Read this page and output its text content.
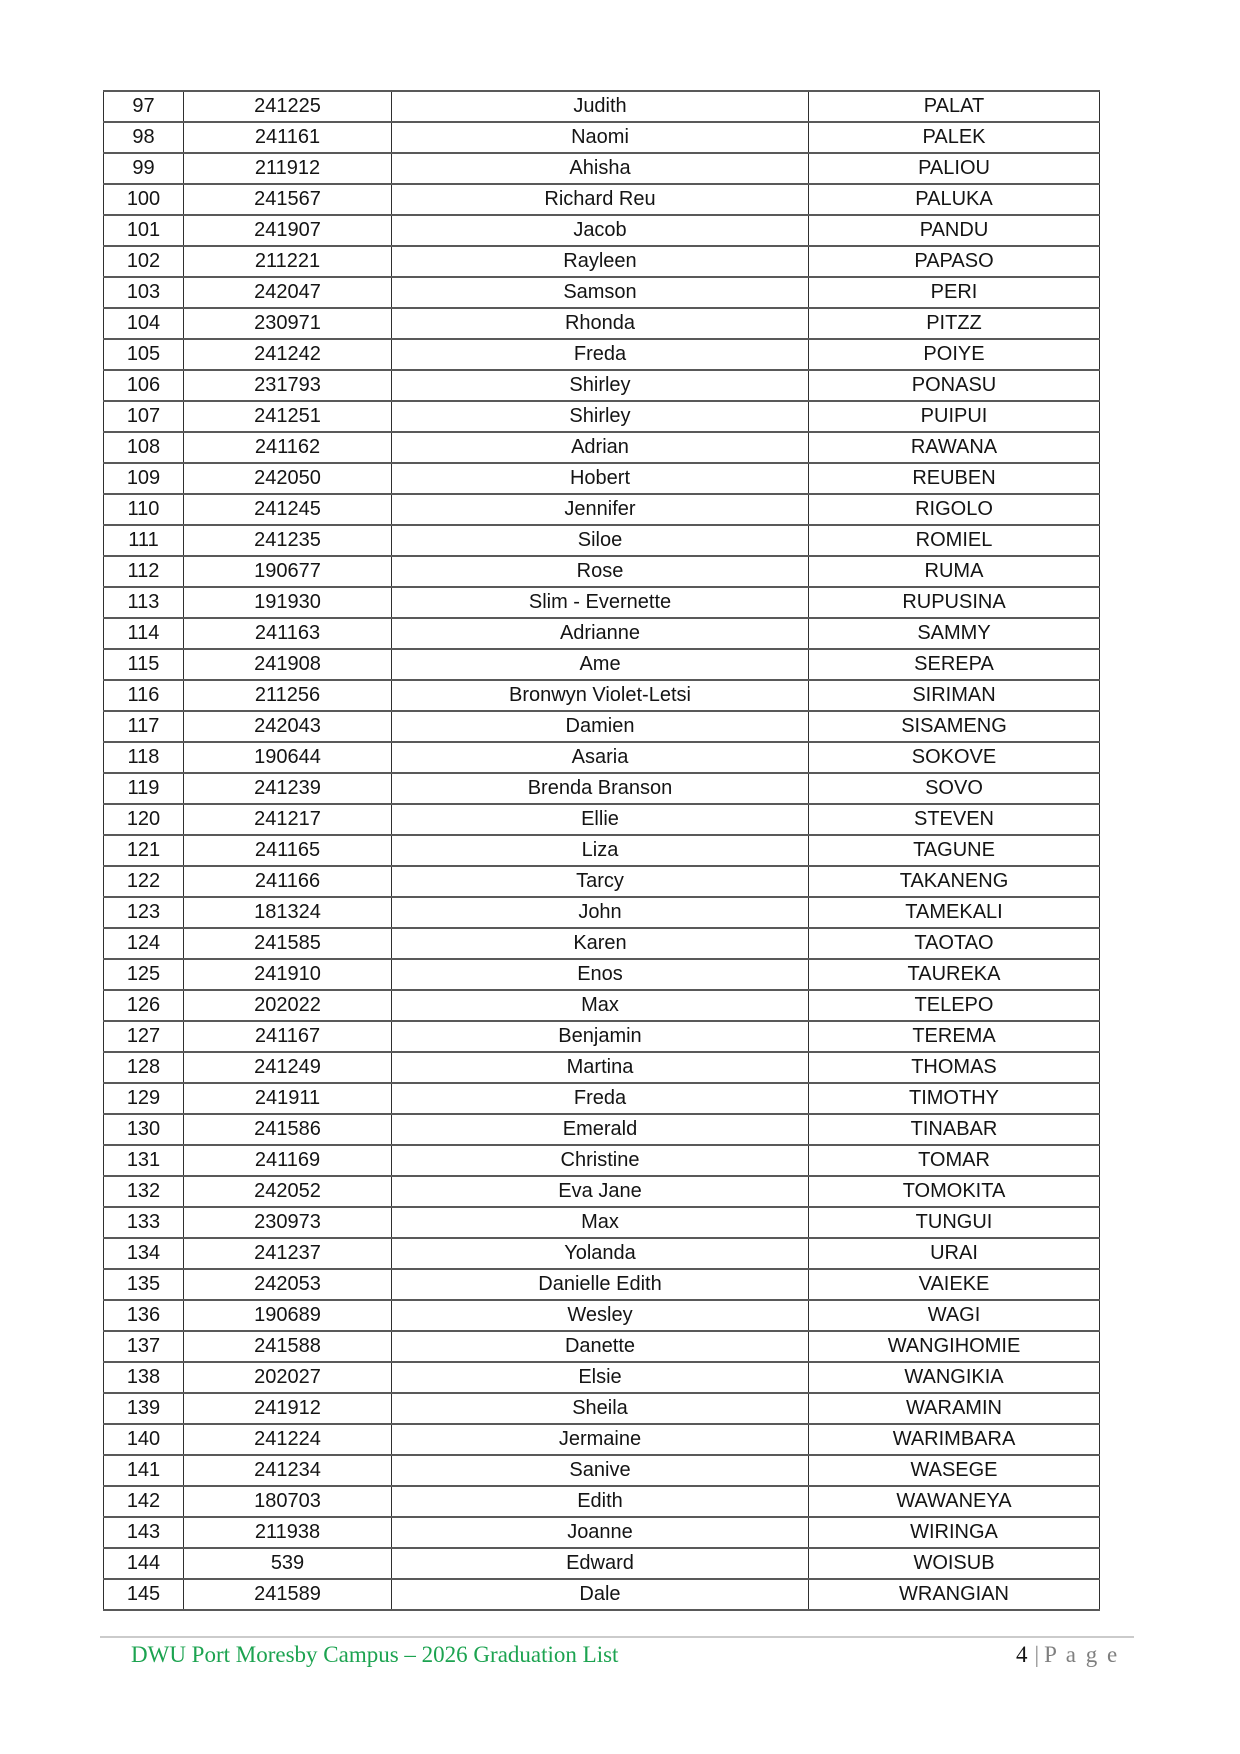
97	241225	Judith	PALAT
98	241161	Naomi	PALEK
99	211912	Ahisha	PALIOU
100	241567	Richard Reu	PALUKA
101	241907	Jacob	PANDU
102	211221	Rayleen	PAPASO
103	242047	Samson	PERI
104	230971	Rhonda	PITZZ
105	241242	Freda	POIYE
106	231793	Shirley	PONASU
107	241251	Shirley	PUIPUI
108	241162	Adrian	RAWANA
109	242050	Hobert	REUBEN
110	241245	Jennifer	RIGOLO
111	241235	Siloe	ROMIEL
112	190677	Rose	RUMA
113	191930	Slim - Evernette	RUPUSINA
114	241163	Adrianne	SAMMY
115	241908	Ame	SEREPA
116	211256	Bronwyn Violet-Letsi	SIRIMAN
117	242043	Damien	SISAMENG
118	190644	Asaria	SOKOVE
119	241239	Brenda Branson	SOVO
120	241217	Ellie	STEVEN
121	241165	Liza	TAGUNE
122	241166	Tarcy	TAKANENG
123	181324	John	TAMEKALI
124	241585	Karen	TAOTAO
125	241910	Enos	TAUREKA
126	202022	Max	TELEPO
127	241167	Benjamin	TEREMA
128	241249	Martina	THOMAS
129	241911	Freda	TIMOTHY
130	241586	Emerald	TINABAR
131	241169	Christine	TOMAR
132	242052	Eva Jane	TOMOKITA
133	230973	Max	TUNGUI
134	241237	Yolanda	URAI
135	242053	Danielle Edith	VAIEKE
136	190689	Wesley	WAGI
137	241588	Danette	WANGIHOMIE
138	202027	Elsie	WANGIKIA
139	241912	Sheila	WARAMIN
140	241224	Jermaine	WARIMBARA
141	241234	Sanive	WASEGE
142	180703	Edith	WAWANEYA
143	211938	Joanne	WIRINGA
144	539	Edward	WOISUB
145	241589	Dale	WRANGIAN
DWU Port Moresby Campus – 2026 Graduation List	4 | P a g e
